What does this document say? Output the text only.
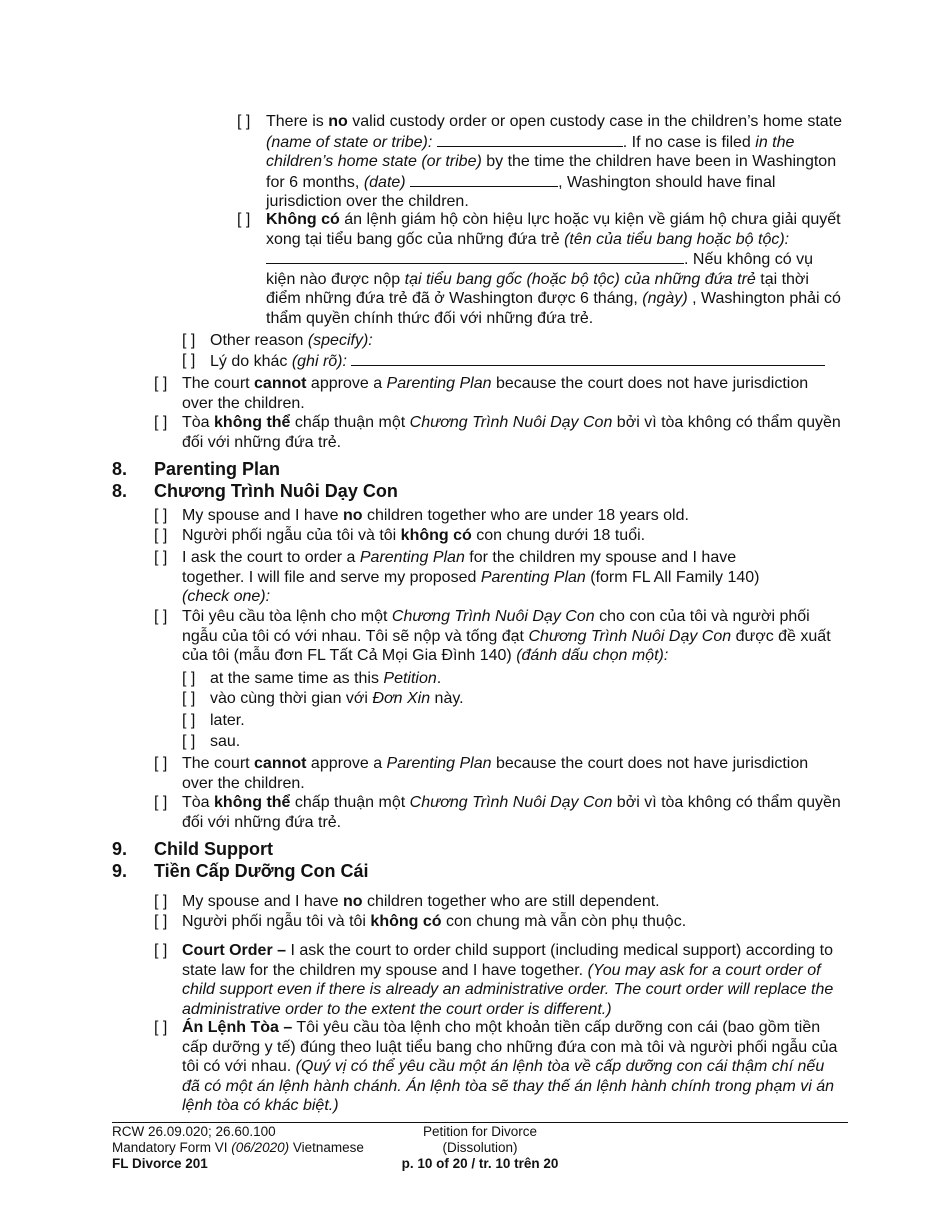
[ ] There is no valid custody order or open custody case in the children’s home state (name of state or tribe):	. If no case is filed in the children’s home state (or tribe) by the time the children have been in Washington for 6 months, (date)	, Washington should have final jurisdiction over the children.
[ ] Không có án lệnh giám hộ còn hiệu lực hoặc vụ kiện về giám hộ chưa giải quyết xong tại tiểu bang gốc của những đứa trẻ (tên của tiểu bang hoặc bộ tộc): . Nếu không có vụ kiện nào được nộp tại tiểu bang gốc (hoặc bộ tộc) của những đứa trẻ tại thời điểm những đứa trẻ đã ở Washington được 6 tháng, (ngày) , Washington phải có thẩm quyền chính thức đối với những đứa trẻ.
[ ] Other reason (specify):
[ ] Lý do khác (ghi rõ):
[ ] The court cannot approve a Parenting Plan because the court does not have jurisdiction over the children.
[ ] Tòa không thể chấp thuận một Chương Trình Nuôi Dạy Con bởi vì tòa không có thẩm quyền đối với những đứa trẻ.
8. Parenting Plan
8. Chương Trình Nuôi Dạy Con
[ ] My spouse and I have no children together who are under 18 years old.
[ ] Người phối ngẫu của tôi và tôi không có con chung dưới 18 tuổi.
[ ] I ask the court to order a Parenting Plan for the children my spouse and I have together. I will file and serve my proposed Parenting Plan (form FL All Family 140) (check one):
[ ] Tôi yêu cầu tòa lệnh cho một Chương Trình Nuôi Dạy Con cho con của tôi và người phối ngẫu của tôi có với nhau. Tôi sẽ nộp và tống đạt Chương Trình Nuôi Dạy Con được đề xuất của tôi (mẫu đơn FL Tất Cả Mọi Gia Đình 140) (đánh dấu chọn một):
[ ] at the same time as this Petition.
[ ] vào cùng thời gian với Đơn Xin này.
[ ] later.
[ ] sau.
[ ] The court cannot approve a Parenting Plan because the court does not have jurisdiction over the children.
[ ] Tòa không thể chấp thuận một Chương Trình Nuôi Dạy Con bởi vì tòa không có thẩm quyền đối với những đứa trẻ.
9. Child Support
9. Tiền Cấp Dưỡng Con Cái
[ ] My spouse and I have no children together who are still dependent.
[ ] Người phối ngẫu tôi và tôi không có con chung mà vẫn còn phụ thuộc.
[ ] Court Order – I ask the court to order child support (including medical support) according to state law for the children my spouse and I have together. (You may ask for a court order of child support even if there is already an administrative order. The court order will replace the administrative order to the extent the court order is different.)
[ ] Án Lệnh Tòa – Tôi yêu cầu tòa lệnh cho một khoản tiền cấp dưỡng con cái (bao gồm tiền cấp dưỡng y tế) đúng theo luật tiểu bang cho những đứa con mà tôi và người phối ngẫu của tôi có với nhau. (Quý vị có thể yêu cầu một án lệnh tòa về cấp dưỡng con cái thậm chí nếu đã có một án lệnh hành chánh. Án lệnh tòa sẽ thay thế án lệnh hành chính trong phạm vi án lệnh tòa có khác biệt.)
RCW 26.09.020; 26.60.100
Mandatory Form VI (06/2020) Vietnamese
FL Divorce 201
Petition for Divorce
(Dissolution)
p. 10 of 20 / tr. 10 trên 20
